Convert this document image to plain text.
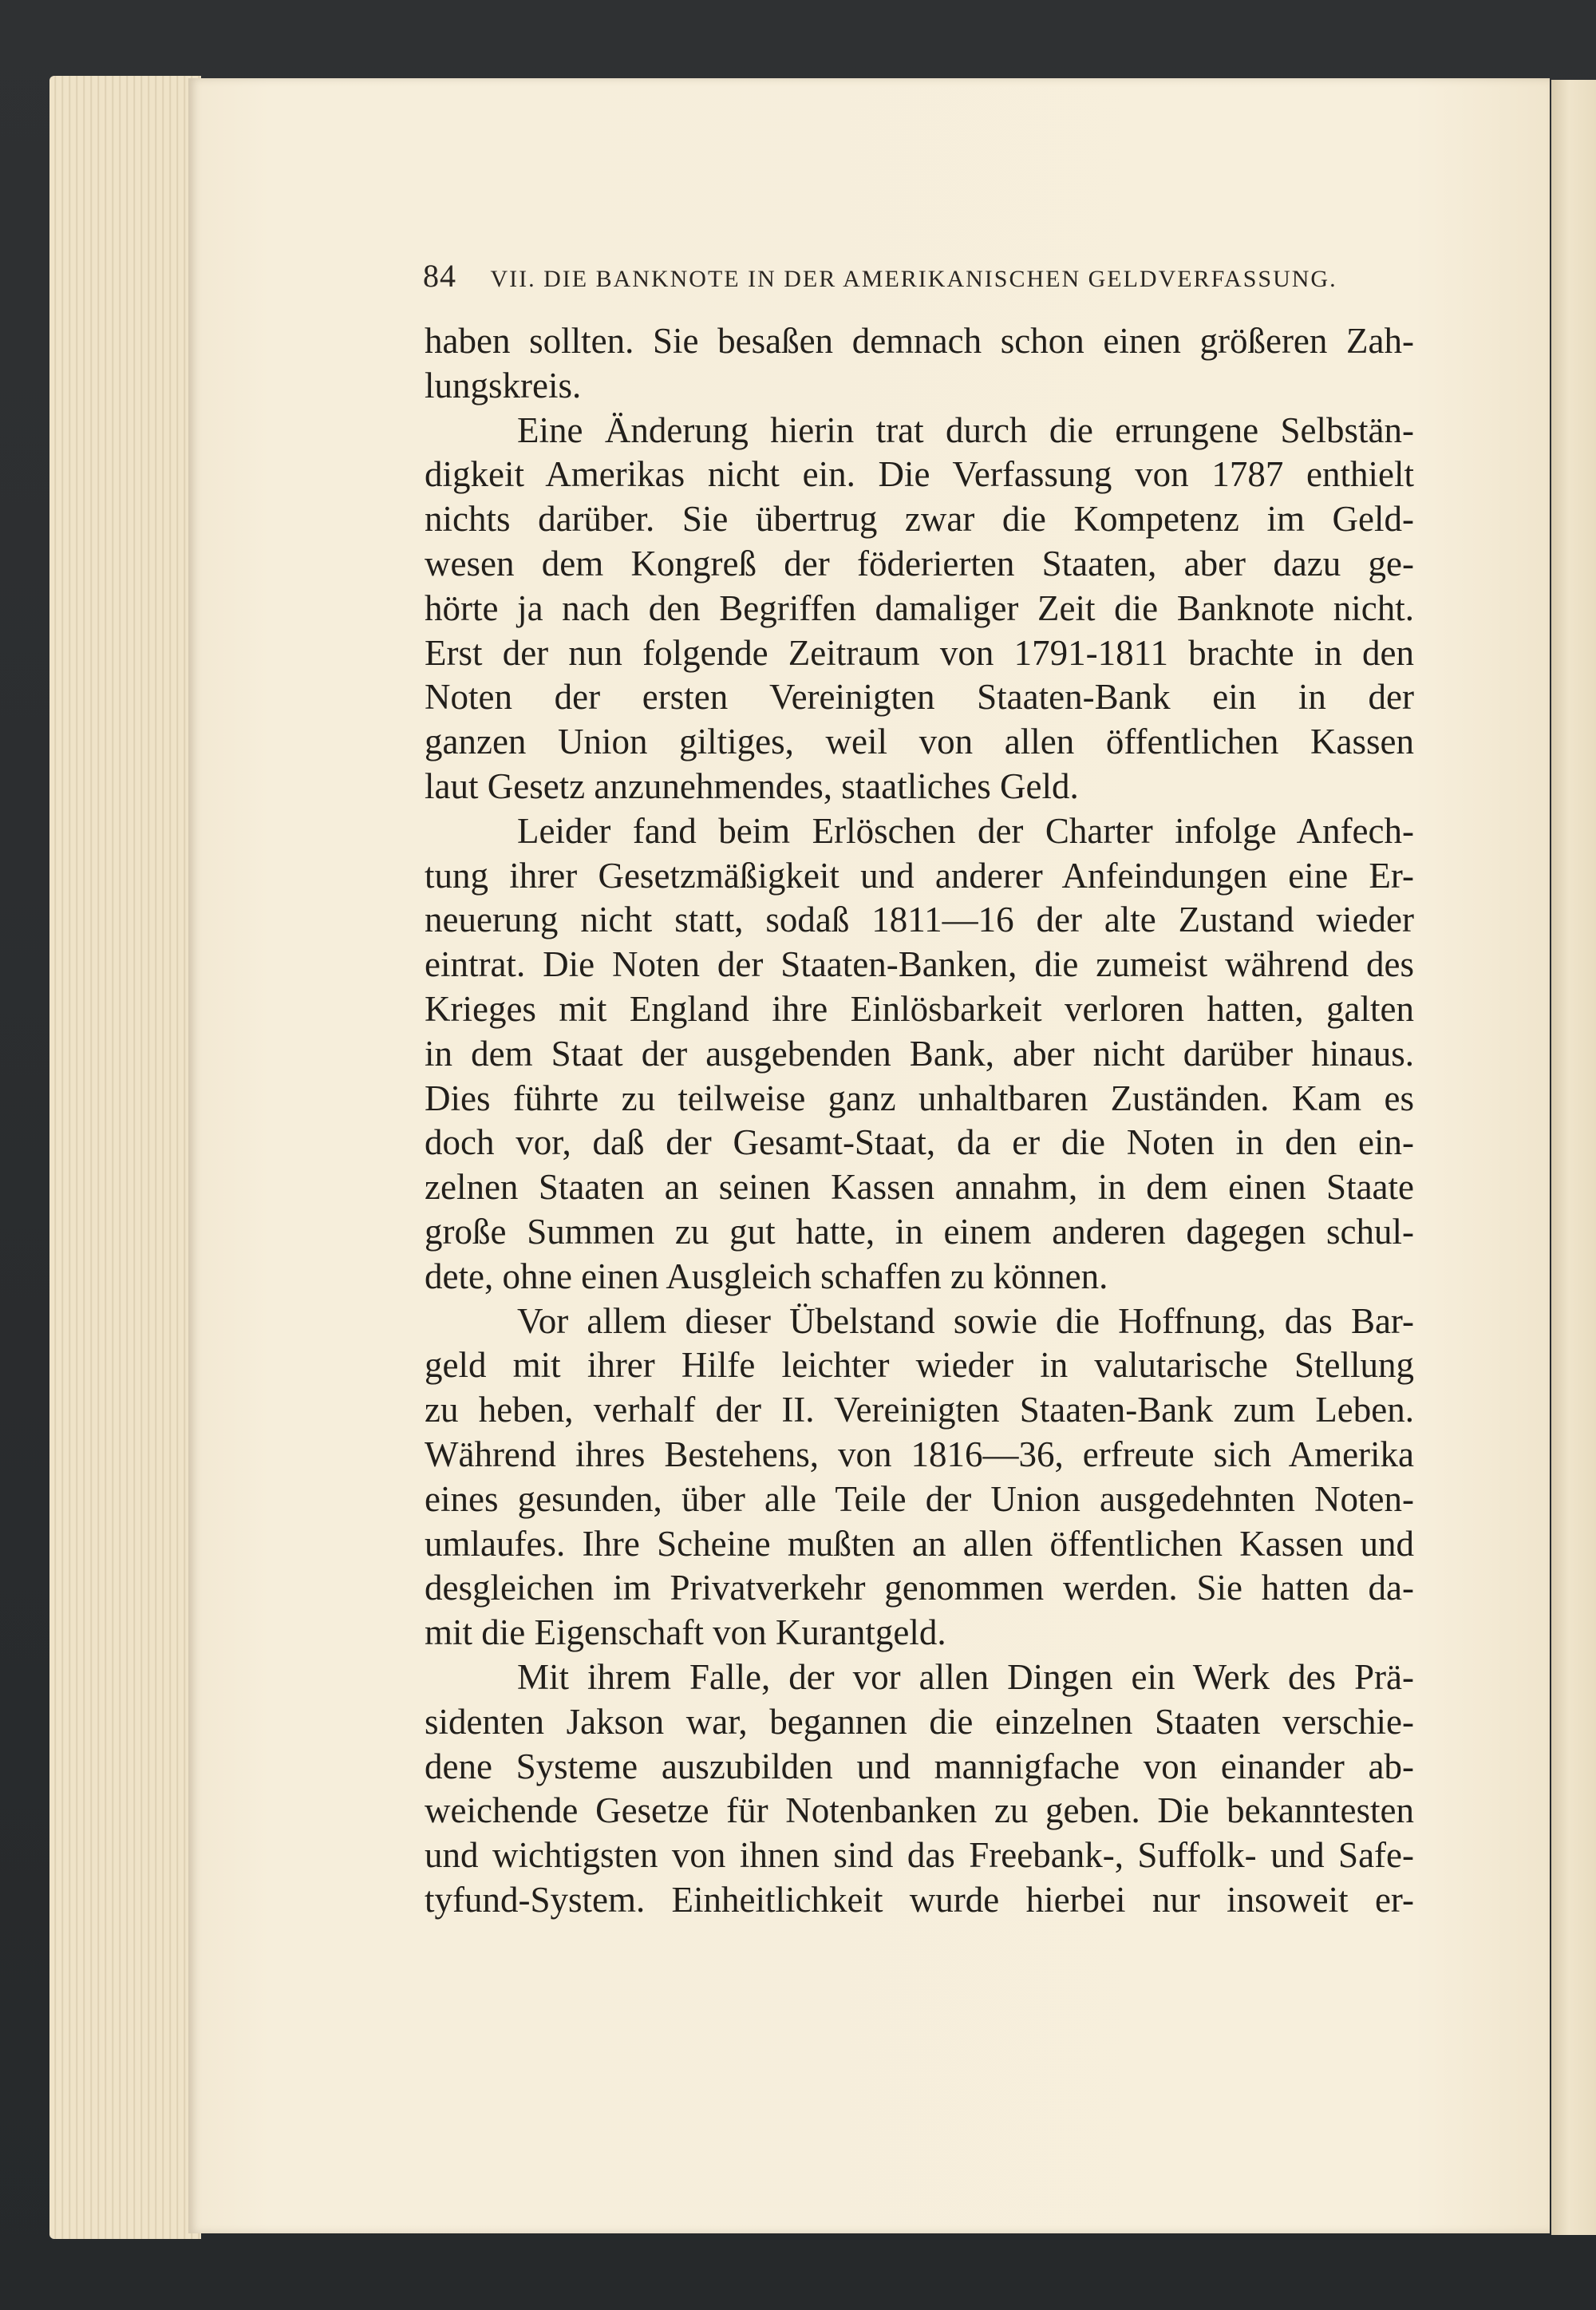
84 VII. DIE BANKNOTE IN DER AMERIKANISCHEN GELDVERFASSUNG.
haben sollten. Sie besaßen demnach schon einen größeren Zah-
lungskreis.
Eine Änderung hierin trat durch die errungene Selbstän-
digkeit Amerikas nicht ein. Die Verfassung von 1787 enthielt
nichts darüber. Sie übertrug zwar die Kompetenz im Geld-
wesen dem Kongreß der föderierten Staaten, aber dazu ge-
hörte ja nach den Begriffen damaliger Zeit die Banknote nicht.
Erst der nun folgende Zeitraum von 1791-1811 brachte in den
Noten der ersten Vereinigten Staaten-Bank ein in der
ganzen Union giltiges, weil von allen öffentlichen Kassen
laut Gesetz anzunehmendes, staatliches Geld.
Leider fand beim Erlöschen der Charter infolge Anfech-
tung ihrer Gesetzmäßigkeit und anderer Anfeindungen eine Er-
neuerung nicht statt, sodaß 1811—16 der alte Zustand wieder
eintrat. Die Noten der Staaten-Banken, die zumeist während des
Krieges mit England ihre Einlösbarkeit verloren hatten, galten
in dem Staat der ausgebenden Bank, aber nicht darüber hinaus.
Dies führte zu teilweise ganz unhaltbaren Zuständen. Kam es
doch vor, daß der Gesamt-Staat, da er die Noten in den ein-
zelnen Staaten an seinen Kassen annahm, in dem einen Staate
große Summen zu gut hatte, in einem anderen dagegen schul-
dete, ohne einen Ausgleich schaffen zu können.
Vor allem dieser Übelstand sowie die Hoffnung, das Bar-
geld mit ihrer Hilfe leichter wieder in valutarische Stellung
zu heben, verhalf der II. Vereinigten Staaten-Bank zum Leben.
Während ihres Bestehens, von 1816—36, erfreute sich Amerika
eines gesunden, über alle Teile der Union ausgedehnten Noten-
umlaufes. Ihre Scheine mußten an allen öffentlichen Kassen und
desgleichen im Privatverkehr genommen werden. Sie hatten da-
mit die Eigenschaft von Kurantgeld.
Mit ihrem Falle, der vor allen Dingen ein Werk des Prä-
sidenten Jakson war, begannen die einzelnen Staaten verschie-
dene Systeme auszubilden und mannigfache von einander ab-
weichende Gesetze für Notenbanken zu geben. Die bekanntesten
und wichtigsten von ihnen sind das Freebank-, Suffolk- und Safe-
tyfund-System. Einheitlichkeit wurde hierbei nur insoweit er-
